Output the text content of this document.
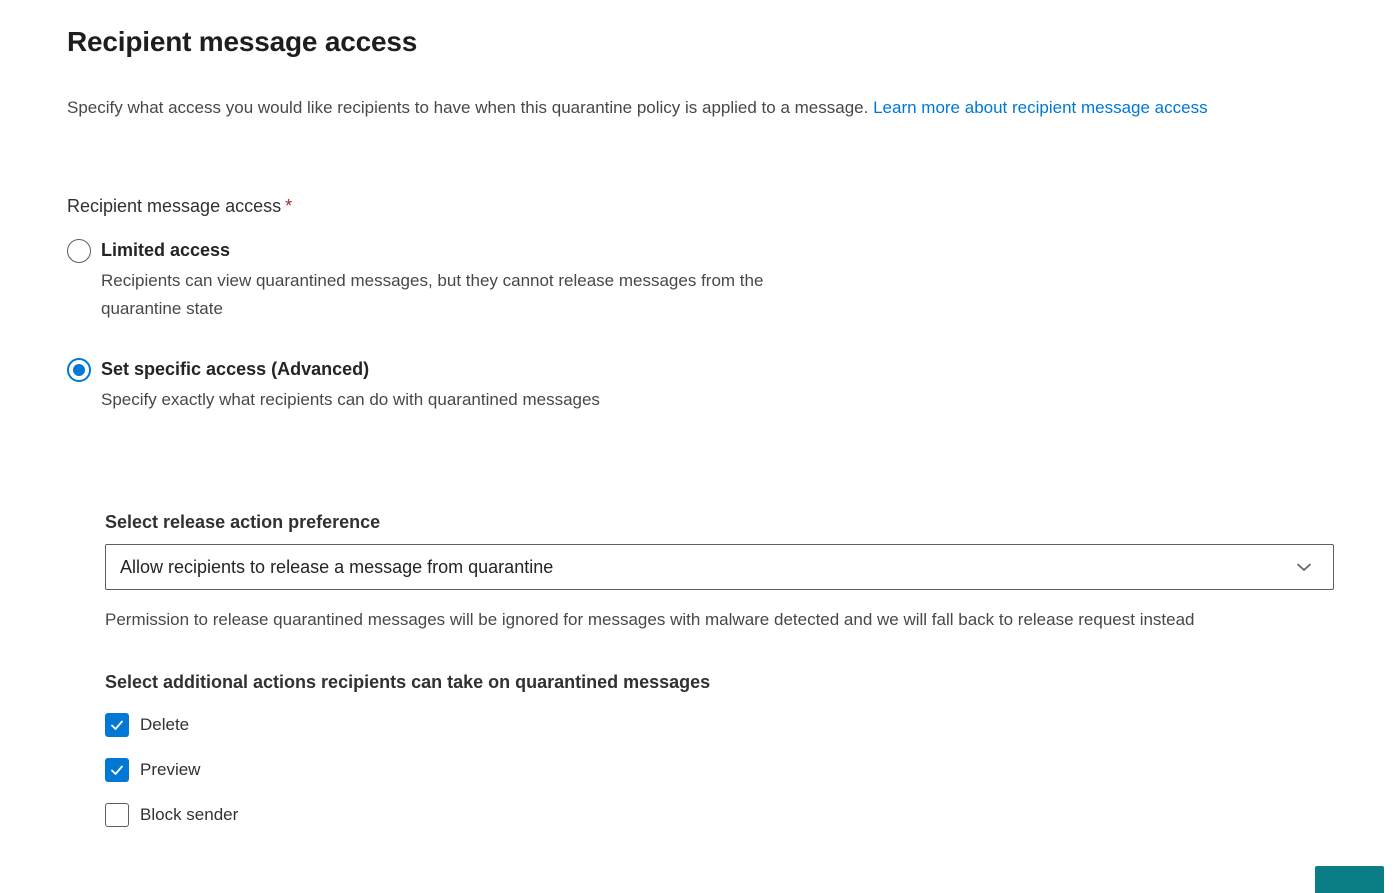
Recipient message access

Specify what access you would like recipients to have when this quarantine policy is applied to a message. Learn more about recipient message access

Recipient message access *
Limited access
Recipients can view quarantined messages, but they cannot release messages from the quarantine state
Set specific access (Advanced)
Specify exactly what recipients can do with quarantined messages
Select release action preference
Allow recipients to release a message from quarantine
Permission to release quarantined messages will be ignored for messages with malware detected and we will fall back to release request instead
Select additional actions recipients can take on quarantined messages
Delete
Preview
Block sender
